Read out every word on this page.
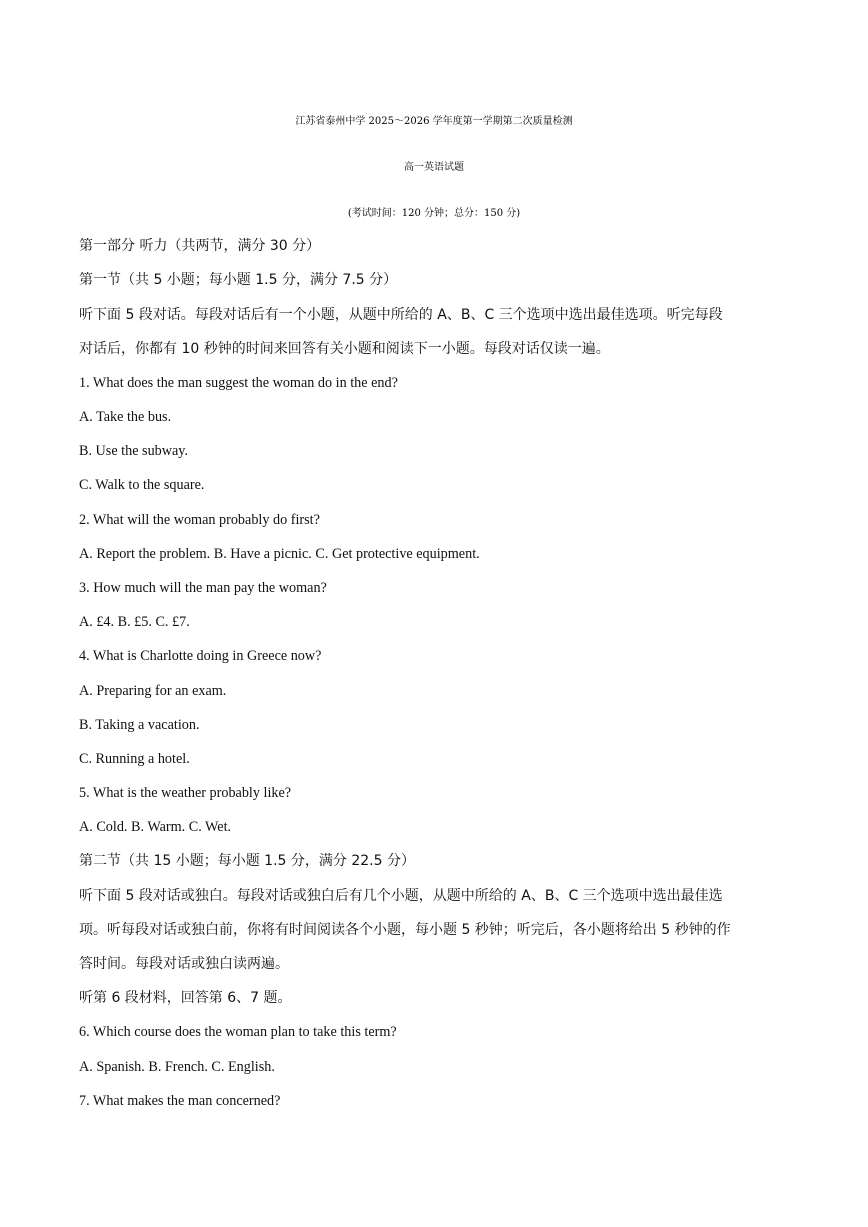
江苏省泰州中学 2025～2026 学年度第一学期第二次质量检测
高一英语试题
(考试时间：120 分钟；总分：150 分)
第一部分 听力（共两节，满分 30 分）
第一节（共 5 小题；每小题 1.5 分，满分 7.5 分）
听下面 5 段对话。每段对话后有一个小题，从题中所给的 A、B、C 三个选项中选出最佳选项。听完每段
对话后，你都有 10 秒钟的时间来回答有关小题和阅读下一小题。每段对话仅读一遍。
1. What does the man suggest the woman do in the end?
A. Take the bus.
B. Use the subway.
C. Walk to the square.
2. What will the woman probably do first?
A. Report the problem. B. Have a picnic. C. Get protective equipment.
3. How much will the man pay the woman?
A. £4. B. £5. C. £7.
4. What is Charlotte doing in Greece now?
A. Preparing for an exam.
B. Taking a vacation.
C. Running a hotel.
5. What is the weather probably like?
A. Cold. B. Warm. C. Wet.
第二节（共 15 小题；每小题 1.5 分，满分 22.5 分）
听下面 5 段对话或独白。每段对话或独白后有几个小题，从题中所给的 A、B、C 三个选项中选出最佳选
项。听每段对话或独白前，你将有时间阅读各个小题，每小题 5 秒钟；听完后，各小题将给出 5 秒钟的作
答时间。每段对话或独白读两遍。
听第 6 段材料，回答第 6、7 题。
6. Which course does the woman plan to take this term?
A. Spanish. B. French. C. English.
7. What makes the man concerned?
